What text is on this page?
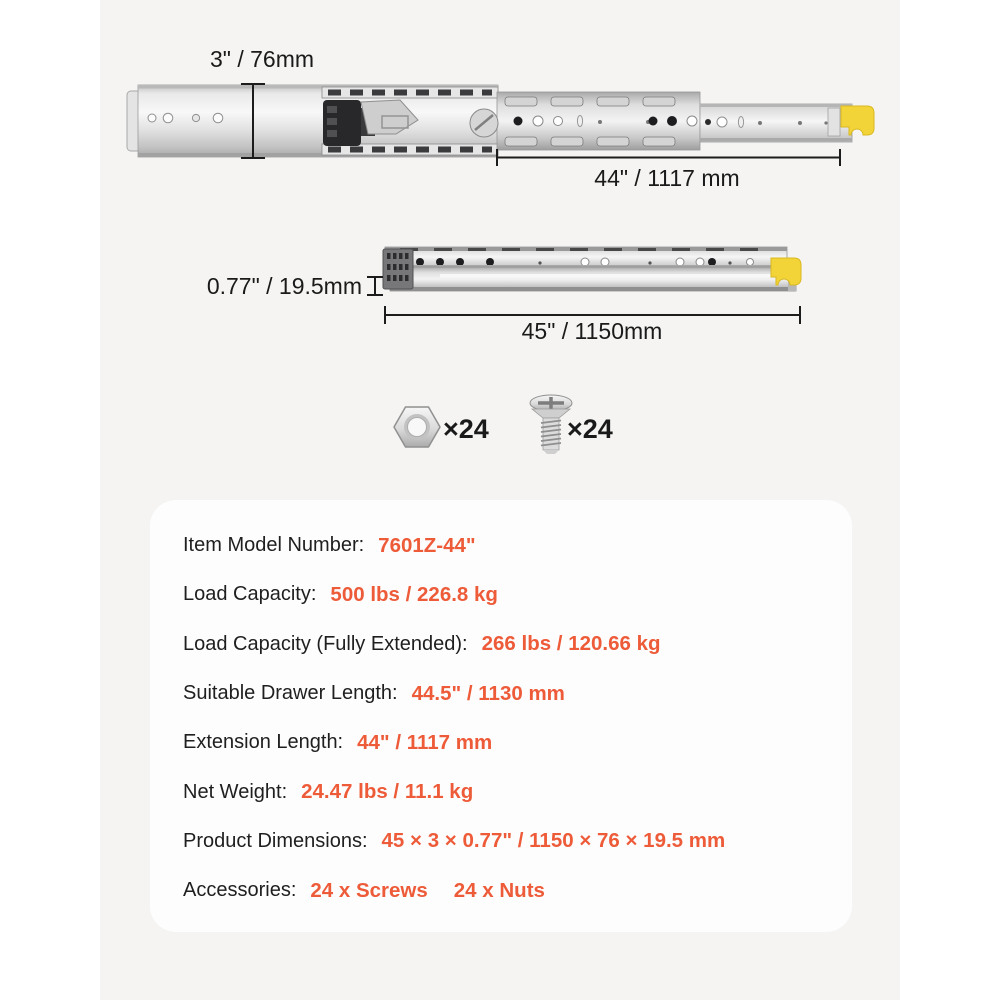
3" / 76mm
44" / 1117 mm
0.77" / 19.5mm
45" / 1150mm
×24	×24
Item Model Number: 7601Z-44"
Load Capacity: 500 lbs / 226.8 kg
Load Capacity (Fully Extended): 266 lbs / 120.66 kg
Suitable Drawer Length: 44.5" / 1130 mm
Extension Length: 44" / 1117 mm
Net Weight: 24.47 lbs / 11.1 kg
Product Dimensions: 45 × 3 × 0.77" / 1150 × 76 × 19.5 mm
Accessories: 24 x Screws 24 x Nuts
